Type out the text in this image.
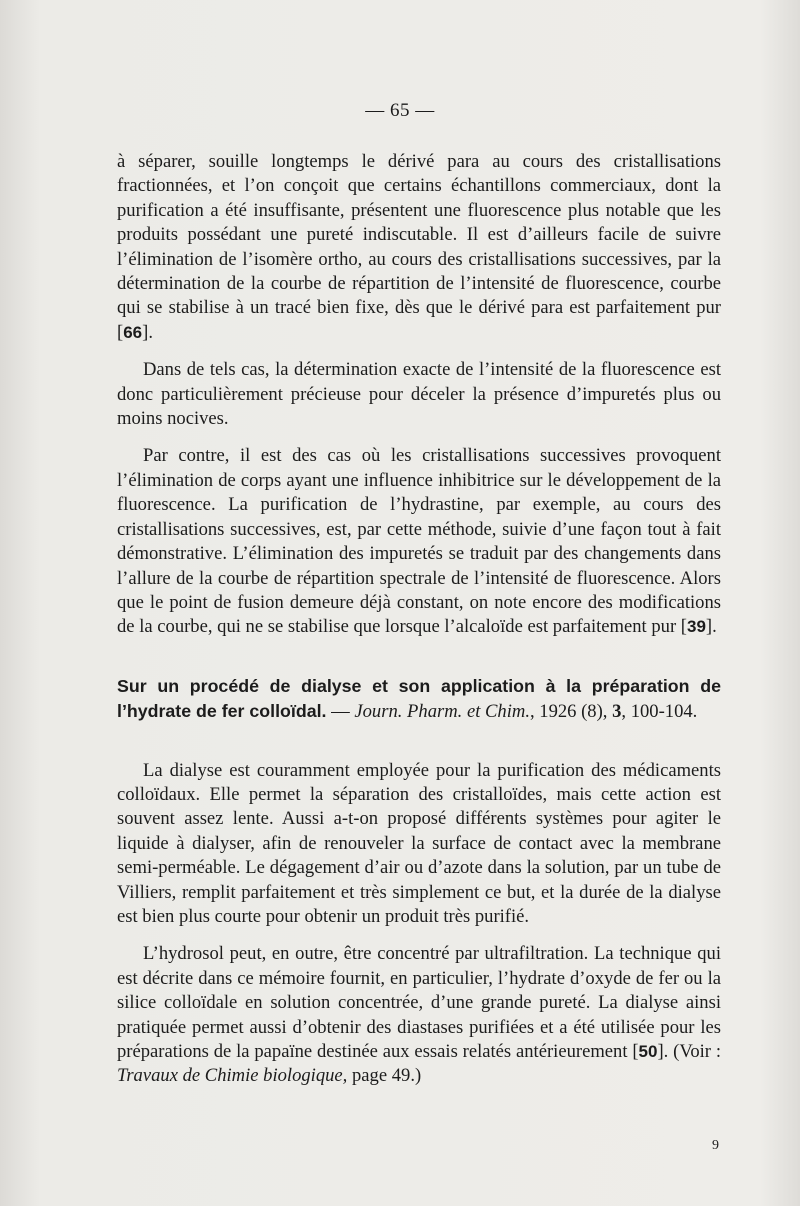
— 65 —

à séparer, souille longtemps le dérivé para au cours des cristallisations fractionnées, et l’on conçoit que certains échantillons commerciaux, dont la purification a été insuffisante, présentent une fluorescence plus notable que les produits possédant une pureté indiscutable. Il est d’ailleurs facile de suivre l’élimination de l’isomère ortho, au cours des cristallisations successives, par la détermination de la courbe de répartition de l’intensité de fluorescence, courbe qui se stabilise à un tracé bien fixe, dès que le dérivé para est parfaitement pur [66].

Dans de tels cas, la détermination exacte de l’intensité de la fluorescence est donc particulièrement précieuse pour déceler la présence d’impuretés plus ou moins nocives.

Par contre, il est des cas où les cristallisations successives provoquent l’élimination de corps ayant une influence inhibitrice sur le développement de la fluorescence. La purification de l’hydrastine, par exemple, au cours des cristallisations successives, est, par cette méthode, suivie d’une façon tout à fait démonstrative. L’élimination des impuretés se traduit par des changements dans l’allure de la courbe de répartition spectrale de l’intensité de fluorescence. Alors que le point de fusion demeure déjà constant, on note encore des modifications de la courbe, qui ne se stabilise que lorsque l’alcaloïde est parfaitement pur [39].

Sur un procédé de dialyse et son application à la préparation de l’hydrate de fer colloïdal. — Journ. Pharm. et Chim., 1926 (8), 3, 100-104.

La dialyse est couramment employée pour la purification des médicaments colloïdaux. Elle permet la séparation des cristalloïdes, mais cette action est souvent assez lente. Aussi a-t-on proposé différents systèmes pour agiter le liquide à dialyser, afin de renouveler la surface de contact avec la membrane semi-perméable. Le dégagement d’air ou d’azote dans la solution, par un tube de Villiers, remplit parfaitement et très simplement ce but, et la durée de la dialyse est bien plus courte pour obtenir un produit très purifié.

L’hydrosol peut, en outre, être concentré par ultrafiltration. La technique qui est décrite dans ce mémoire fournit, en particulier, l’hydrate d’oxyde de fer ou la silice colloïdale en solution concentrée, d’une grande pureté. La dialyse ainsi pratiquée permet aussi d’obtenir des diastases purifiées et a été utilisée pour les préparations de la papaïne destinée aux essais relatés antérieurement [50]. (Voir : Travaux de Chimie biologique, page 49.)

9
